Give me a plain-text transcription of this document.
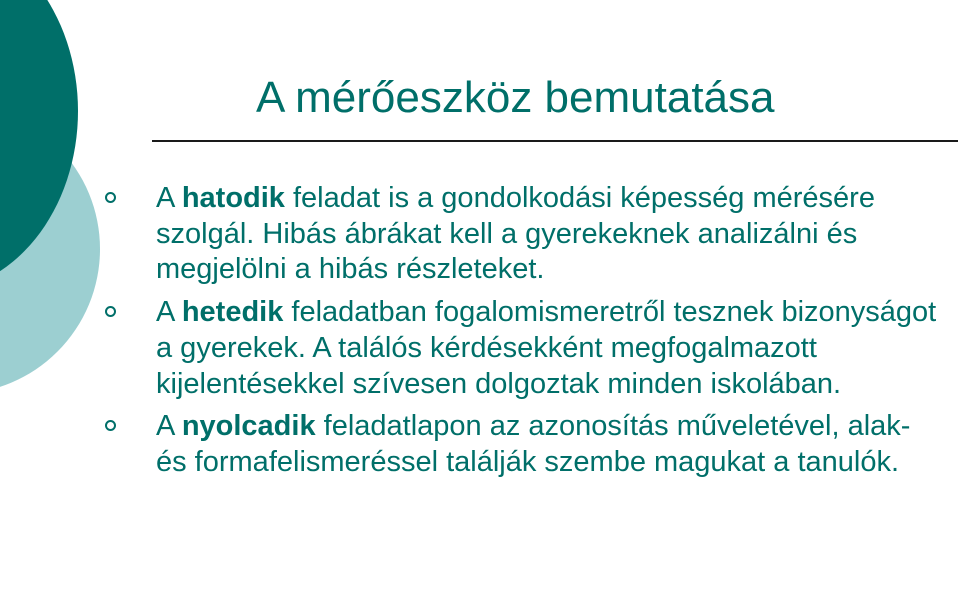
A mérőeszköz bemutatása
A hatodik feladat is a gondolkodási képesség mérésére szolgál. Hibás ábrákat kell a gyerekeknek analizálni és megjelölni a hibás részleteket.
A hetedik feladatban fogalomismeretről tesznek bizonyságot a gyerekek. A találós kérdésekként megfogalmazott kijelentésekkel szívesen dolgoztak minden iskolában.
A nyolcadik feladatlapon az azonosítás műveletével, alak- és formafelismeréssel találják szembe magukat a tanulók.
